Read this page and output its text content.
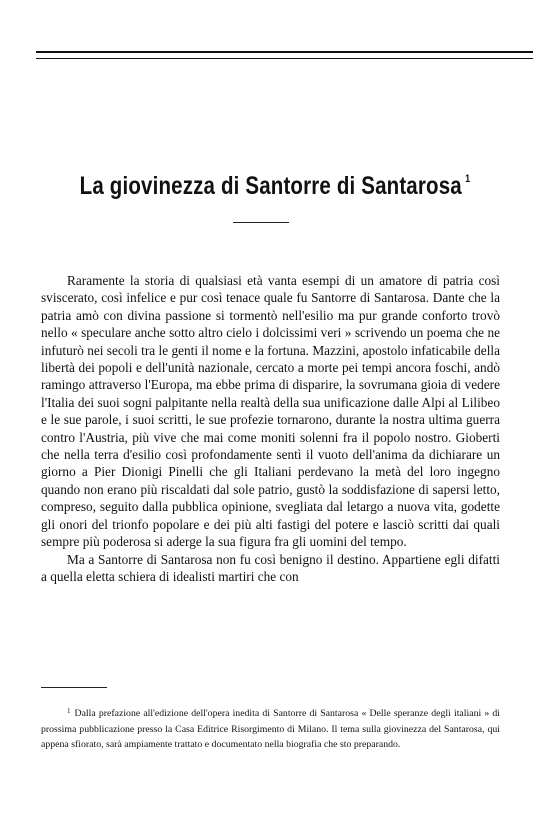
La giovinezza di Santorre di Santarosa $^1$

Raramente la storia di qualsiasi età vanta esempi di un amatore di patria così sviscerato, così infelice e pur così tenace quale fu Santorre di Santarosa. Dante che la patria amò con divina passione si tormentò nell'esilio ma pur grande conforto trovò nello « speculare anche sotto altro cielo i dolcissimi veri » scrivendo un poema che ne infuturò nei secoli tra le genti il nome e la fortuna. Mazzini, apostolo infaticabile della libertà dei popoli e dell'unità nazionale, cercato a morte pei tempi ancora foschi, andò ramingo attraverso l'Europa, ma ebbe prima di disparire, la sovrumana gioia di vedere l'Italia dei suoi sogni palpitante nella realtà della sua unificazione dalle Alpi al Lilibeo e le sue parole, i suoi scritti, le sue profezie tornarono, durante la nostra ultima guerra contro l'Austria, più vive che mai come moniti solenni fra il popolo nostro. Gioberti che nella terra d'esilio così profondamente sentì il vuoto dell'anima da dichiarare un giorno a Pier Dionigi Pinelli che gli Italiani perdevano la metà del loro ingegno quando non erano più riscaldati dal sole patrio, gustò la soddisfazione di sapersi letto, compreso, seguito dalla pubblica opinione, svegliata dal letargo a nuova vita, godette gli onori del trionfo popolare e dei più alti fastigi del potere e lasciò scritti dai quali sempre più poderosa si aderge la sua figura fra gli uomini del tempo.

Ma a Santorre di Santarosa non fu così benigno il destino. Appartiene egli difatti a quella eletta schiera di idealisti martiri che con

$^1$ Dalla prefazione all'edizione dell'opera inedita di Santorre di Santarosa « Delle speranze degli italiani » di prossima pubblicazione presso la Casa Editrice Risorgimento di Milano. Il tema sulla giovinezza del Santarosa, qui appena sfiorato, sarà ampiamente trattato e documentato nella biografia che sto preparando.
